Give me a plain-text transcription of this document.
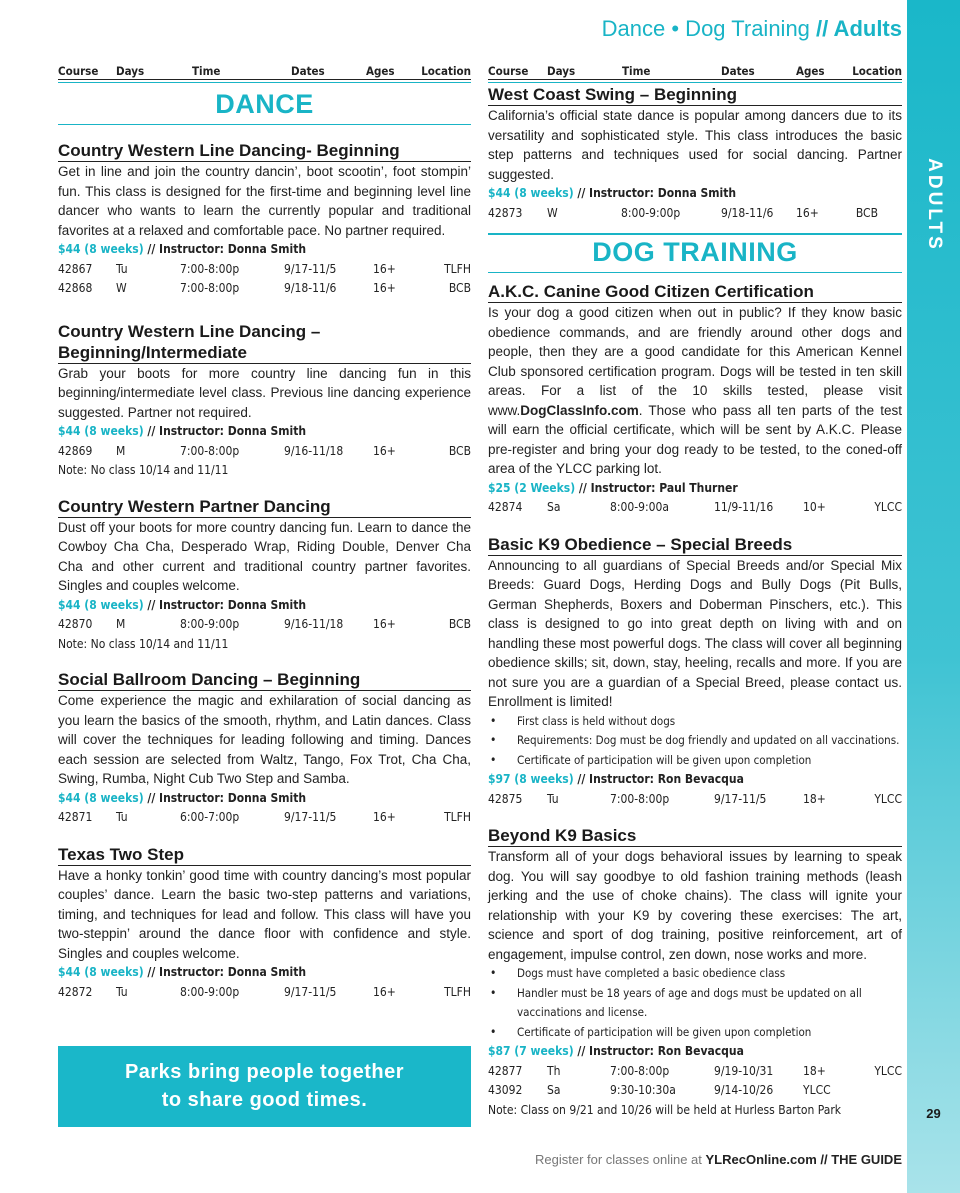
ADULTS
29
Dance • Dog Training // Adults
Course Days	Time	Dates	Ages Location
DANCE
Country Western Line Dancing- Beginning

Get in line and join the country dancin’, boot scootin’, foot stompin’ fun. This class is designed for the first-time and beginning level line dancer who wants to learn the currently popular and traditional favorites at a relaxed and comfortable pace. No partner required.

$44 (8 weeks) // Instructor: Donna Smith
42867 Tu	7:00-8:00p	9/17-11/5	16+	TLFH
42868 W	7:00-8:00p	9/18-11/6	16+	BCB
Country Western Line Dancing –
Beginning/Intermediate

Grab your boots for more country line dancing fun in this beginning/intermediate level class. Previous line dancing experience suggested. Partner not required.

$44 (8 weeks) // Instructor: Donna Smith
42869 M	7:00-8:00p	9/16-11/18 16+	BCB
Note: No class 10/14 and 11/11
Country Western Partner Dancing

Dust off your boots for more country dancing fun. Learn to dance the Cowboy Cha Cha, Desperado Wrap, Riding Double, Denver Cha Cha and other current and traditional country partner favorites. Singles and couples welcome.

$44 (8 weeks) // Instructor: Donna Smith
42870 M	8:00-9:00p	9/16-11/18 16+	BCB
Note: No class 10/14 and 11/11
Social Ballroom Dancing – Beginning

Come experience the magic and exhilaration of social dancing as you learn the basics of the smooth, rhythm, and Latin dances. Class will cover the techniques for leading following and timing. Dances each session are selected from Waltz, Tango, Fox Trot, Cha Cha, Swing, Rumba, Night Cub Two Step and Samba.

$44 (8 weeks) // Instructor: Donna Smith
42871 Tu	6:00-7:00p	9/17-11/5	16+	TLFH
Texas Two Step

Have a honky tonkin’ good time with country dancing’s most popular couples’ dance. Learn the basic two-step patterns and variations, timing, and techniques for lead and follow. This class will have you two-steppin’ around the dance floor with confidence and style. Singles and couples welcome.

$44 (8 weeks) // Instructor: Donna Smith
42872 Tu	8:00-9:00p	9/17-11/5	16+	TLFH
Parks bring people together
to share good times.
Course Days	Time	Dates	Ages Location
West Coast Swing – Beginning

California’s official state dance is popular among dancers due to its versatility and sophisticated style. This class introduces the basic step patterns and techniques used for social dancing. Partner suggested.

$44 (8 weeks) // Instructor: Donna Smith
42873 W	8:00-9:00p	9/18-11/6 16+	BCB
DOG TRAINING
A.K.C. Canine Good Citizen Certification

Is your dog a good citizen when out in public? If they know basic obedience commands, and are friendly around other dogs and people, then they are a good candidate for this American Kennel Club sponsored certification program. Dogs will be tested in ten skill areas. For a list of the 10 skills tested, please visit www.DogClassInfo.com. Those who pass all ten parts of the test will earn the official certificate, which will be sent by A.K.C. Please pre-register and bring your dog ready to be tested, to the coned-off area of the YLCC parking lot.

$25 (2 Weeks) // Instructor: Paul Thurner
42874 Sa	8:00-9:00a	11/9-11/16 10+	YLCC
Basic K9 Obedience – Special Breeds

Announcing to all guardians of Special Breeds and/or Special Mix Breeds: Guard Dogs, Herding Dogs and Bully Dogs (Pit Bulls, German Shepherds, Boxers and Doberman Pinschers, etc.). This class is designed to go into great depth on living with and on handling these most powerful dogs. The class will cover all beginning obedience skills; sit, down, stay, heeling, recalls and more. If you are not sure you are a guardian of a Special Breed, please contact us. Enrollment is limited!

• First class is held without dogs
• Requirements: Dog must be dog friendly and updated on all vaccinations.
• Certificate of participation will be given upon completion
$97 (8 weeks) // Instructor: Ron Bevacqua
42875 Tu	7:00-8:00p	9/17-11/5	18+	YLCC
Beyond K9 Basics

Transform all of your dogs behavioral issues by learning to speak dog. You will say goodbye to old fashion training methods (leash jerking and the use of choke chains). The class will ignite your relationship with your K9 by covering these exercises: The art, science and sport of dog training, positive reinforcement, art of engagement, impulse control, zen down, nose works and more.

• Dogs must have completed a basic obedience class
• Handler must be 18 years of age and dogs must be updated on all vaccinations and license.
• Certificate of participation will be given upon completion
$87 (7 weeks) // Instructor: Ron Bevacqua
42877 Th	7:00-8:00p	9/19-10/31 18+	YLCC
43092 Sa	9:30-10:30a	9/14-10/26 YLCC
Note: Class on 9/21 and 10/26 will be held at Hurless Barton Park
Register for classes online at YLRecOnline.com // THE GUIDE
